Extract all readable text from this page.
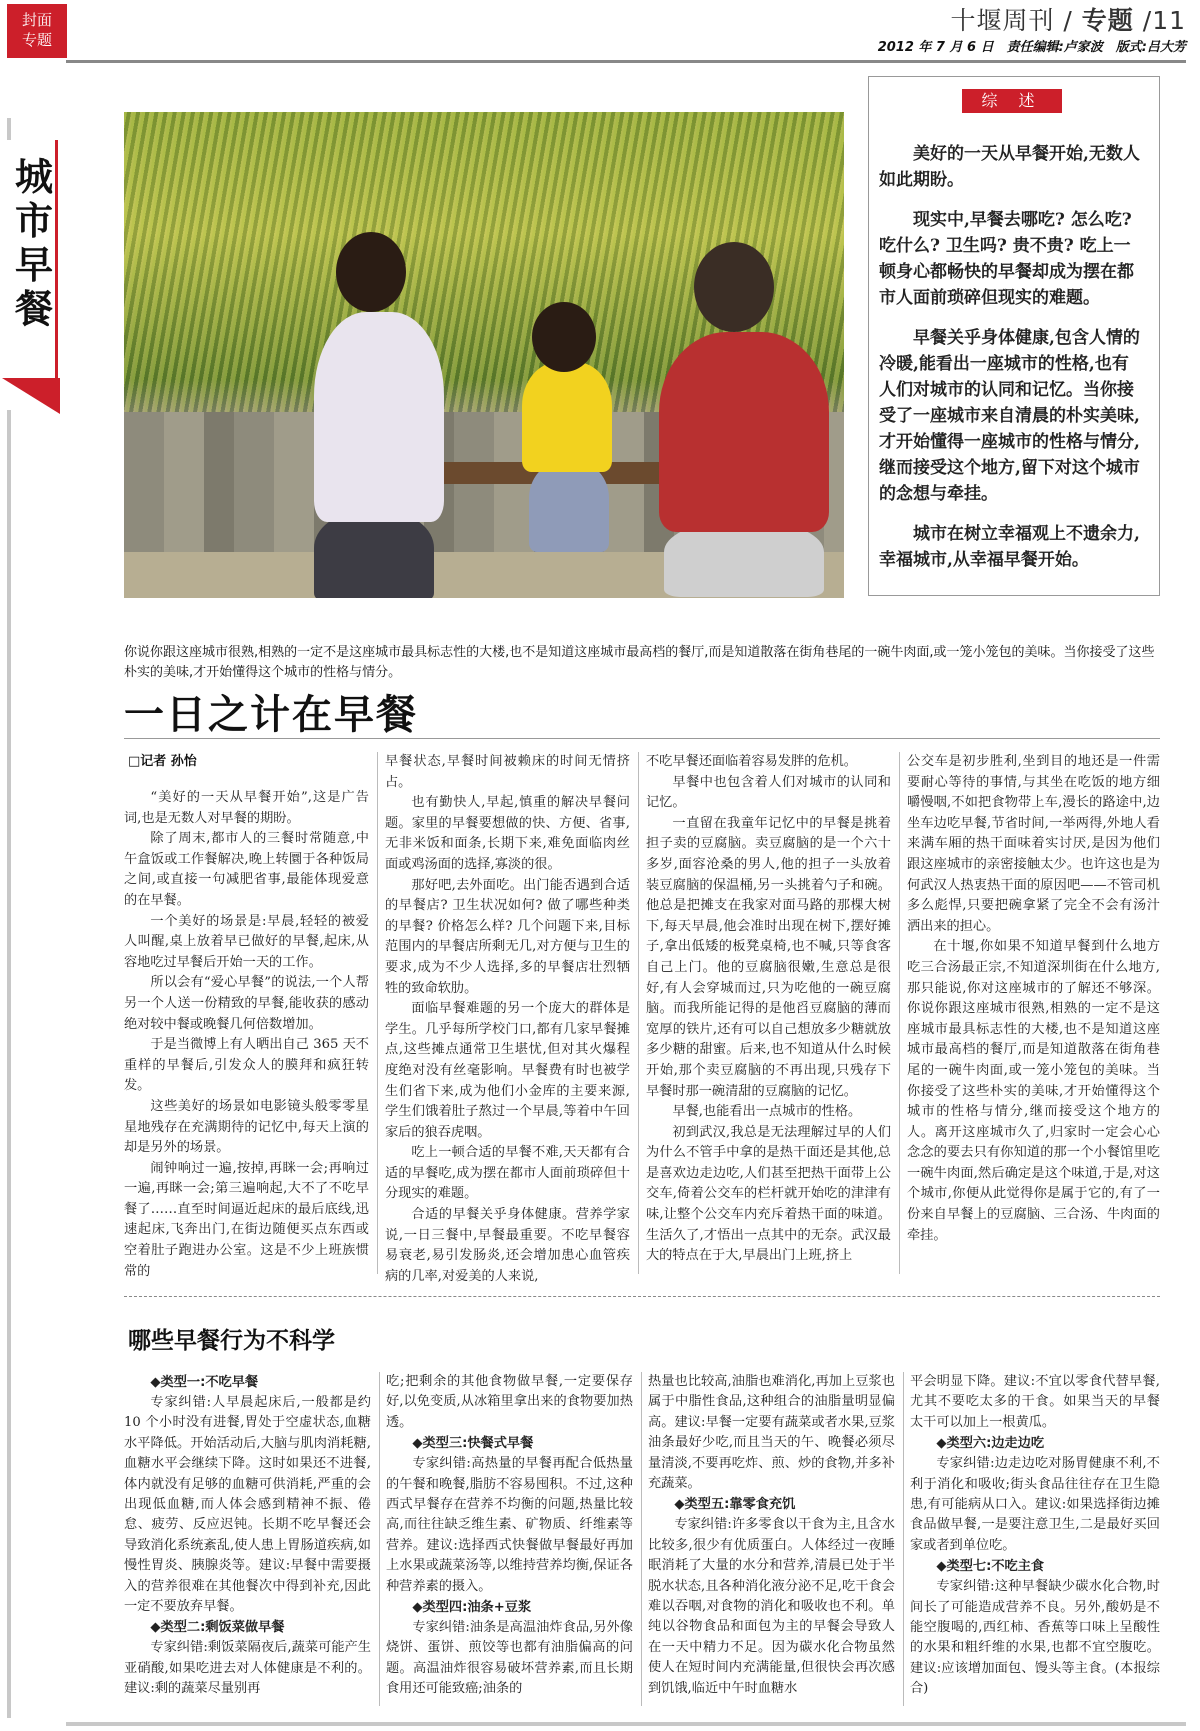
封面
专题
十堰周刊 / 专题 /11
2012 年 7 月 6 日　责任编辑:卢家波　版式:吕大芳
城市早餐
综 述

美好的一天从早餐开始,无数人如此期盼。

现实中,早餐去哪吃? 怎么吃? 吃什么? 卫生吗? 贵不贵? 吃上一顿身心都畅快的早餐却成为摆在都市人面前琐碎但现实的难题。

早餐关乎身体健康,包含人情的冷暖,能看出一座城市的性格,也有人们对城市的认同和记忆。当你接受了一座城市来自清晨的朴实美味,才开始懂得一座城市的性格与情分,继而接受这个地方,留下对这个城市的念想与牵挂。

城市在树立幸福观上不遗余力,幸福城市,从幸福早餐开始。

你说你跟这座城市很熟,相熟的一定不是这座城市最具标志性的大楼,也不是知道这座城市最高档的餐厅,而是知道散落在街角巷尾的一碗牛肉面,或一笼小笼包的美味。当你接受了这些朴实的美味,才开始懂得这个城市的性格与情分。
一日之计在早餐
□记者 孙怡

“美好的一天从早餐开始”,这是广告词,也是无数人对早餐的期盼。

除了周末,都市人的三餐时常随意,中午盒饭或工作餐解决,晚上转圜于各种饭局之间,或直接一句减肥省事,最能体现爱意的在早餐。

一个美好的场景是:早晨,轻轻的被爱人叫醒,桌上放着早已做好的早餐,起床,从容地吃过早餐后开始一天的工作。

所以会有“爱心早餐”的说法,一个人帮另一个人送一份精致的早餐,能收获的感动绝对较中餐或晚餐几何倍数增加。

于是当微博上有人晒出自己 365 天不重样的早餐后,引发众人的膜拜和疯狂转发。

这些美好的场景如电影镜头般零零星星地残存在充满期待的记忆中,每天上演的却是另外的场景。

闹钟响过一遍,按掉,再眯一会;再响过一遍,再眯一会;第三遍响起,大不了不吃早餐了……直至时间逼近起床的最后底线,迅速起床,飞奔出门,在街边随便买点东西或空着肚子跑进办公室。这是不少上班族惯常的

早餐状态,早餐时间被赖床的时间无情挤占。

也有勤快人,早起,慎重的解决早餐问题。家里的早餐要想做的快、方便、省事,无非米饭和面条,长期下来,难免面临肉丝面或鸡汤面的选择,寡淡的很。

那好吧,去外面吃。出门能否遇到合适的早餐店? 卫生状况如何? 做了哪些种类的早餐? 价格怎么样? 几个问题下来,目标范围内的早餐店所剩无几,对方便与卫生的要求,成为不少人选择,多的早餐店壮烈牺牲的致命软肋。

面临早餐难题的另一个庞大的群体是学生。几乎每所学校门口,都有几家早餐摊点,这些摊点通常卫生堪忧,但对其火爆程度绝对没有丝毫影响。早餐费有时也被学生们省下来,成为他们小金库的主要来源,学生们饿着肚子熬过一个早晨,等着中午回家后的狼吞虎咽。

吃上一顿合适的早餐不难,天天都有合适的早餐吃,成为摆在都市人面前琐碎但十分现实的难题。

合适的早餐关乎身体健康。营养学家说,一日三餐中,早餐最重要。不吃早餐容易衰老,易引发肠炎,还会增加患心血管疾病的几率,对爱美的人来说,

不吃早餐还面临着容易发胖的危机。

早餐中也包含着人们对城市的认同和记忆。

一直留在我童年记忆中的早餐是挑着担子卖的豆腐脑。卖豆腐脑的是一个六十多岁,面容沧桑的男人,他的担子一头放着装豆腐脑的保温桶,另一头挑着勺子和碗。他总是把摊支在我家对面马路的那棵大树下,每天早晨,他会准时出现在树下,摆好摊子,拿出低矮的板凳桌椅,也不喊,只等食客自己上门。他的豆腐脑很嫩,生意总是很好,有人会穿城而过,只为吃他的一碗豆腐脑。而我所能记得的是他舀豆腐脑的薄而宽厚的铁片,还有可以自己想放多少糖就放多少糖的甜蜜。后来,也不知道从什么时候开始,那个卖豆腐脑的不再出现,只残存下早餐时那一碗清甜的豆腐脑的记忆。

早餐,也能看出一点城市的性格。

初到武汉,我总是无法理解过早的人们为什么不管手中拿的是热干面还是其他,总是喜欢边走边吃,人们甚至把热干面带上公交车,倚着公交车的栏杆就开始吃的津津有味,让整个公交车内充斥着热干面的味道。生活久了,才悟出一点其中的无奈。武汉最大的特点在于大,早晨出门上班,挤上

公交车是初步胜利,坐到目的地还是一件需要耐心等待的事情,与其坐在吃饭的地方细嚼慢咽,不如把食物带上车,漫长的路途中,边坐车边吃早餐,节省时间,一举两得,外地人看来满车厢的热干面味着实讨厌,是因为他们跟这座城市的亲密接触太少。也许这也是为何武汉人热衷热干面的原因吧——不管司机多么彪悍,只要把碗拿紧了完全不会有汤汁洒出来的担心。

在十堰,你如果不知道早餐到什么地方吃三合汤最正宗,不知道深圳街在什么地方,那只能说,你对这座城市的了解还不够深。你说你跟这座城市很熟,相熟的一定不是这座城市最具标志性的大楼,也不是知道这座城市最高档的餐厅,而是知道散落在街角巷尾的一碗牛肉面,或一笼小笼包的美味。当你接受了这些朴实的美味,才开始懂得这个城市的性格与情分,继而接受这个地方的人。离开这座城市久了,归家时一定会心心念念的要去只有你知道的那一个小餐馆里吃一碗牛肉面,然后确定是这个味道,于是,对这个城市,你便从此觉得你是属于它的,有了一份来自早餐上的豆腐脑、三合汤、牛肉面的牵挂。

哪些早餐行为不科学
◆类型一:不吃早餐

专家纠错:人早晨起床后,一般都是约 10 个小时没有进餐,胃处于空虚状态,血糖水平降低。开始活动后,大脑与肌肉消耗糖,血糖水平会继续下降。这时如果还不进餐,体内就没有足够的血糖可供消耗,严重的会出现低血糖,而人体会感到精神不振、倦怠、疲劳、反应迟钝。长期不吃早餐还会导致消化系统紊乱,使人患上胃肠道疾病,如慢性胃炎、胰腺炎等。建议:早餐中需要摄入的营养很难在其他餐次中得到补充,因此一定不要放弃早餐。

◆类型二:剩饭菜做早餐

专家纠错:剩饭菜隔夜后,蔬菜可能产生亚硝酸,如果吃进去对人体健康是不利的。建议:剩的蔬菜尽量别再

吃;把剩余的其他食物做早餐,一定要保存好,以免变质,从冰箱里拿出来的食物要加热透。
◆类型三:快餐式早餐

专家纠错:高热量的早餐再配合低热量的午餐和晚餐,脂肪不容易囤积。不过,这种西式早餐存在营养不均衡的问题,热量比较高,而往往缺乏维生素、矿物质、纤维素等营养。建议:选择西式快餐做早餐最好再加上水果或蔬菜汤等,以维持营养均衡,保证各种营养素的摄入。

◆类型四:油条+豆浆

专家纠错:油条是高温油炸食品,另外像烧饼、蛋饼、煎饺等也都有油脂偏高的问题。高温油炸很容易破坏营养素,而且长期食用还可能致癌;油条的

热量也比较高,油脂也难消化,再加上豆浆也属于中脂性食品,这种组合的油脂量明显偏高。建议:早餐一定要有蔬菜或者水果,豆浆油条最好少吃,而且当天的午、晚餐必须尽量清淡,不要再吃炸、煎、炒的食物,并多补充蔬菜。
◆类型五:靠零食充饥

专家纠错:许多零食以干食为主,且含水比较多,很少有优质蛋白。人体经过一夜睡眠消耗了大量的水分和营养,清晨已处于半脱水状态,且各种消化液分泌不足,吃干食会难以吞咽,对食物的消化和吸收也不利。单纯以谷物食品和面包为主的早餐会导致人在一天中精力不足。因为碳水化合物虽然使人在短时间内充满能量,但很快会再次感到饥饿,临近中午时血糖水

平会明显下降。建议:不宜以零食代替早餐,尤其不要吃太多的干食。如果当天的早餐太干可以加上一根黄瓜。
◆类型六:边走边吃

专家纠错:边走边吃对肠胃健康不利,不利于消化和吸收;街头食品往往存在卫生隐患,有可能病从口入。建议:如果选择街边摊食品做早餐,一是要注意卫生,二是最好买回家或者到单位吃。

◆类型七:不吃主食

专家纠错:这种早餐缺少碳水化合物,时间长了可能造成营养不良。另外,酸奶是不能空腹喝的,西红柿、香蕉等口味上呈酸性的水果和粗纤维的水果,也都不宜空腹吃。建议:应该增加面包、馒头等主食。(本报综合)
